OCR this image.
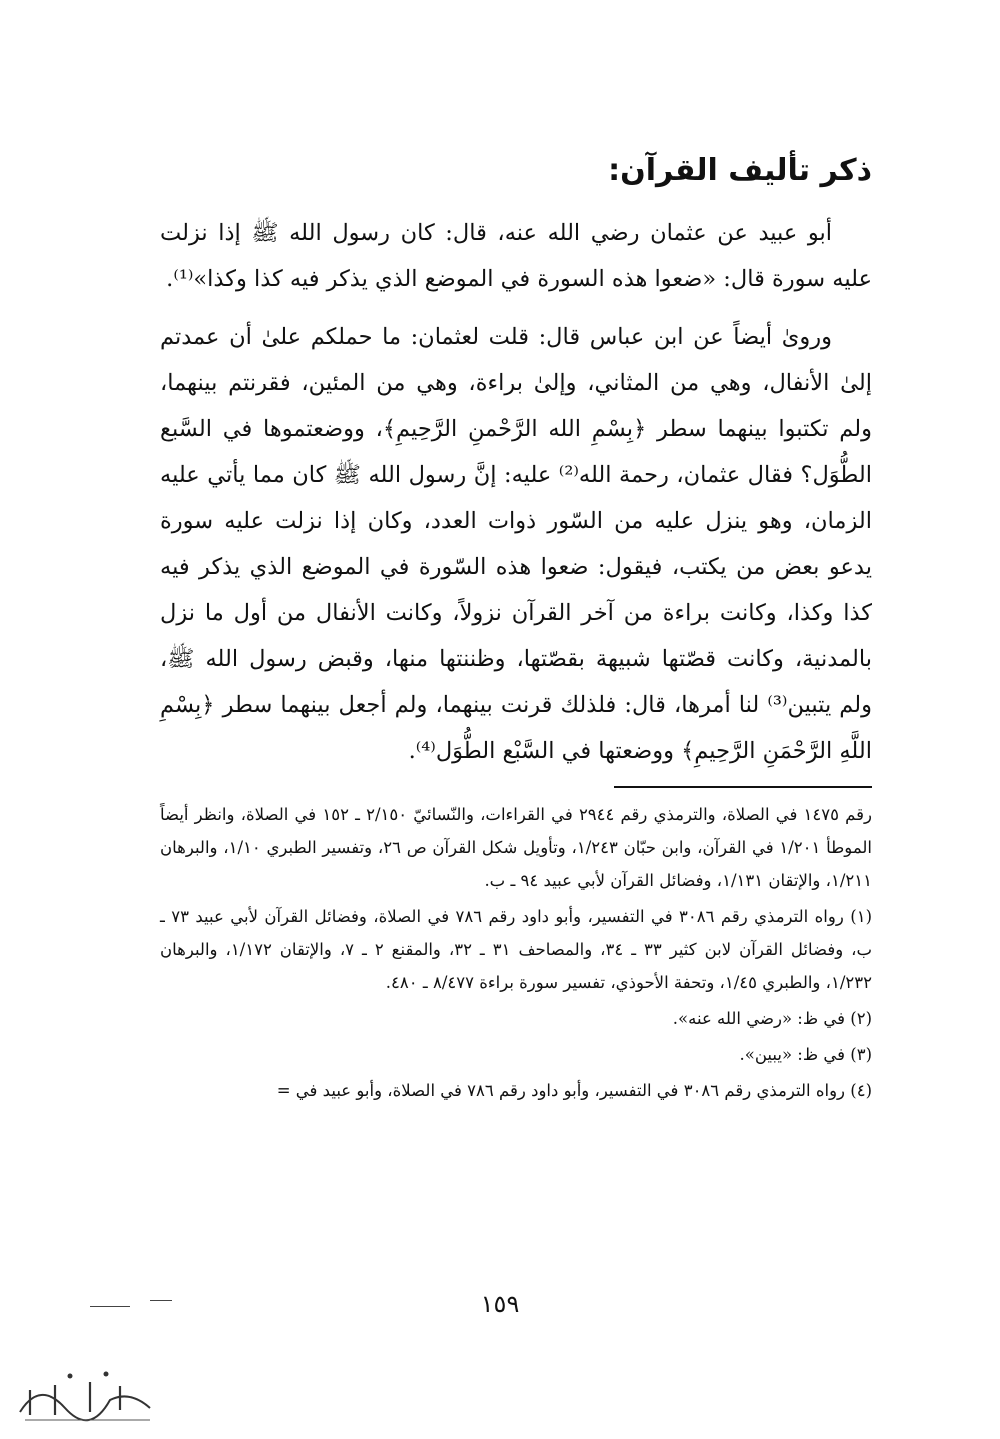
ذكر تأليف القرآن:

أبو عبيد عن عثمان رضي الله عنه، قال: كان رسول الله ﷺ إذا نزلت عليه سورة قال: «ضعوا هذه السورة في الموضع الذي يذكر فيه كذا وكذا»⁽¹⁾.

وروىٰ أيضاً عن ابن عباس قال: قلت لعثمان: ما حملكم علىٰ أن عمدتم إلىٰ الأنفال، وهي من المثاني، وإلىٰ براءة، وهي من المئين، فقرنتم بينهما، ولم تكتبوا بينهما سطر ﴿بِسْمِ الله الرَّحْمنِ الرَّحِيمِ﴾، ووضعتموها في السَّبع الطُّوَل؟ فقال عثمان، رحمة الله⁽²⁾ عليه: إنَّ رسول الله ﷺ كان مما يأتي عليه الزمان، وهو ينزل عليه من السّور ذوات العدد، وكان إذا نزلت عليه سورة يدعو بعض من يكتب، فيقول: ضعوا هذه السّورة في الموضع الذي يذكر فيه كذا وكذا، وكانت براءة من آخر القرآن نزولاً، وكانت الأنفال من أول ما نزل بالمدنية، وكانت قصّتها شبيهة بقصّتها، وظننتها منها، وقبض رسول الله ﷺ، ولم يتبين⁽³⁾ لنا أمرها، قال: فلذلك قرنت بينهما، ولم أجعل بينهما سطر ﴿بِسْمِ اللَّهِ الرَّحْمَنِ الرَّحِيمِ﴾ ووضعتها في السَّبْع الطُّوَل⁽⁴⁾.

رقم ١٤٧٥ في الصلاة، والترمذي رقم ٢٩٤٤ في القراءات، والنّسائيّ ٢/١٥٠ ـ ١٥٢ في الصلاة، وانظر أيضاً الموطأ ١/٢٠١ في القرآن، وابن حبّان ١/٢٤٣، وتأويل شكل القرآن ص ٢٦، وتفسير الطبري ١/١٠، والبرهان ١/٢١١، والإتقان ١/١٣١، وفضائل القرآن لأبي عبيد ٩٤ ـ ب.

(١) رواه الترمذي رقم ٣٠٨٦ في التفسير، وأبو داود رقم ٧٨٦ في الصلاة، وفضائل القرآن لأبي عبيد ٧٣ ـ ب، وفضائل القرآن لابن كثير ٣٣ ـ ٣٤، والمصاحف ٣١ ـ ٣٢، والمقنع ٢ ـ ٧، والإتقان ١/١٧٢، والبرهان ١/٢٣٢، والطبري ١/٤٥، وتحفة الأحوذي، تفسير سورة براءة ٨/٤٧٧ ـ ٤٨٠.

(٢) في ظ: «رضي الله عنه».

(٣) في ظ: «يبين».

(٤) رواه الترمذي رقم ٣٠٨٦ في التفسير، وأبو داود رقم ٧٨٦ في الصلاة، وأبو عبيد في =

١٥٩
